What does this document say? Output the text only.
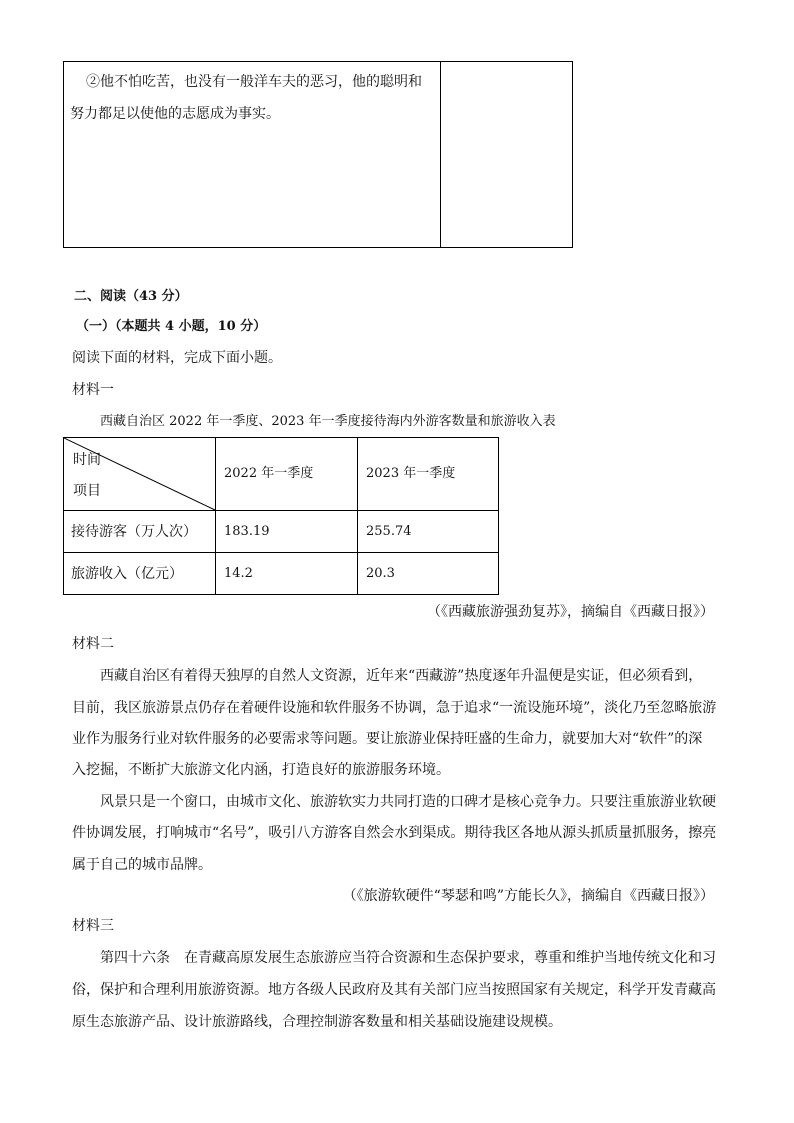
②他不怕吃苦，也没有一般洋车夫的恶习，他的聪明和
努力都足以使他的志愿成为事实。
二、阅读（43 分）
（一）（本题共 4 小题，10 分）
阅读下面的材料，完成下面小题。
材料一
西藏自治区 2022 年一季度、2023 年一季度接待海内外游客数量和旅游收入表
时间
项目
2022 年一季度	2023 年一季度
接待游客（万人次） 183.19	255.74
旅游收入（亿元）	14.2	20.3
（《西藏旅游强劲复苏》，摘编自《西藏日报》）
材料二
西藏自治区有着得天独厚的自然人文资源，近年来“西藏游”热度逐年升温便是实证，但必须看到，
目前，我区旅游景点仍存在着硬件设施和软件服务不协调，急于追求“一流设施环境”，淡化乃至忽略旅游
业作为服务行业对软件服务的必要需求等问题。要让旅游业保持旺盛的生命力，就要加大对“软件”的深
入挖掘，不断扩大旅游文化内涵，打造良好的旅游服务环境。
风景只是一个窗口，由城市文化、旅游软实力共同打造的口碑才是核心竞争力。只要注重旅游业软硬
件协调发展，打响城市“名号”，吸引八方游客自然会水到渠成。期待我区各地从源头抓质量抓服务，擦亮
属于自己的城市品牌。
（《旅游软硬件“琴瑟和鸣”方能长久》，摘编自《西藏日报》）
材料三
第四十六条　在青藏高原发展生态旅游应当符合资源和生态保护要求，尊重和维护当地传统文化和习
俗，保护和合理利用旅游资源。地方各级人民政府及其有关部门应当按照国家有关规定，科学开发青藏高
原生态旅游产品、设计旅游路线，合理控制游客数量和相关基础设施建设规模。
